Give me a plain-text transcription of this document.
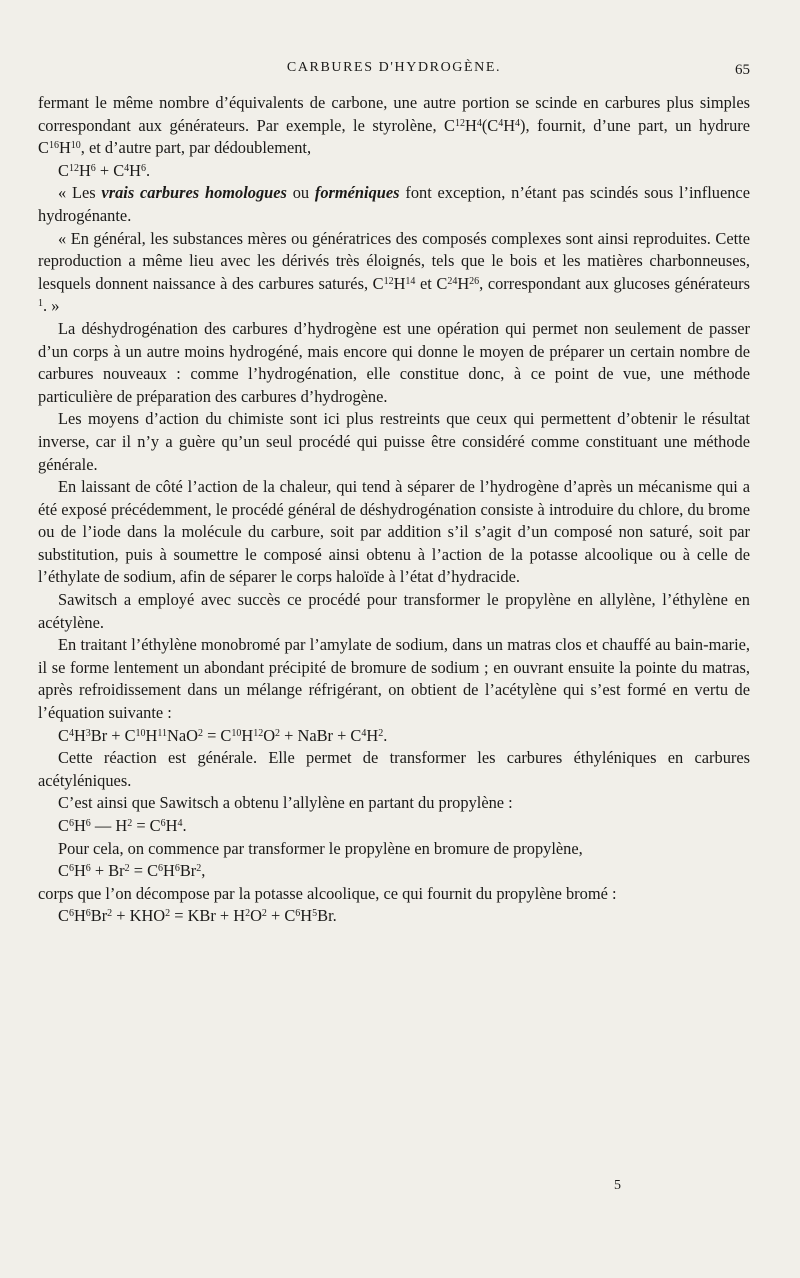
CARBURES D'HYDROGÈNE.	65

fermant le même nombre d’équivalents de carbone, une autre portion se scinde en carbures plus simples correspondant aux générateurs. Par exemple, le styrolène, $C^{12}H^4(C^4H^4)$, fournit, d’une part, un hydrure $C^{16}H^{10}$, et d’autre part, par dédoublement,

$C^{12}H^6 + C^4H^6$.

« Les vrais carbures homologues ou forméniques font exception, n’étant pas scindés sous l’influence hydrogénante.

« En général, les substances mères ou génératrices des composés complexes sont ainsi reproduites. Cette reproduction a même lieu avec les dérivés très éloignés, tels que le bois et les matières charbonneuses, lesquels donnent naissance à des carbures saturés, $C^{12}H^{14}$ et $C^{24}H^{26}$, correspondant aux glucoses générateurs $^1$. »

La déshydrogénation des carbures d’hydrogène est une opération qui permet non seulement de passer d’un corps à un autre moins hydrogéné, mais encore qui donne le moyen de préparer un certain nombre de carbures nouveaux : comme l’hydrogénation, elle constitue donc, à ce point de vue, une méthode particulière de préparation des carbures d’hydrogène.

Les moyens d’action du chimiste sont ici plus restreints que ceux qui permettent d’obtenir le résultat inverse, car il n’y a guère qu’un seul procédé qui puisse être considéré comme constituant une méthode générale.

En laissant de côté l’action de la chaleur, qui tend à séparer de l’hydrogène d’après un mécanisme qui a été exposé précédemment, le procédé général de déshydrogénation consiste à introduire du chlore, du brome ou de l’iode dans la molécule du carbure, soit par addition s’il s’agit d’un composé non saturé, soit par substitution, puis à soumettre le composé ainsi obtenu à l’action de la potasse alcoolique ou à celle de l’éthylate de sodium, afin de séparer le corps haloïde à l’état d’hydracide.

Sawitsch a employé avec succès ce procédé pour transformer le propylène en allylène, l’éthylène en acétylène.

En traitant l’éthylène monobromé par l’amylate de sodium, dans un matras clos et chauffé au bain-marie, il se forme lentement un abondant précipité de bromure de sodium ; en ouvrant ensuite la pointe du matras, après refroidissement dans un mélange réfrigérant, on obtient de l’acétylène qui s’est formé en vertu de l’équation suivante :

$C^4H^3Br + C^{10}H^{11}NaO^2 = C^{10}H^{12}O^2$ + NaBr + $C^4H^2$.

Cette réaction est générale. Elle permet de transformer les carbures éthyléniques en carbures acétyléniques.

C’est ainsi que Sawitsch a obtenu l’allylène en partant du propylène :

$C^6H^6$ — $H^2 = C^6H^4$.

Pour cela, on commence par transformer le propylène en bromure de propylène,

$C^6H^6 + Br^2 = C^6H^6Br^2$,

corps que l’on décompose par la potasse alcoolique, ce qui fournit du propylène bromé :

$C^6H^6Br^2 + KHO^2$ = KBr + $H^2O^2 + C^6H^5Br$.

5
